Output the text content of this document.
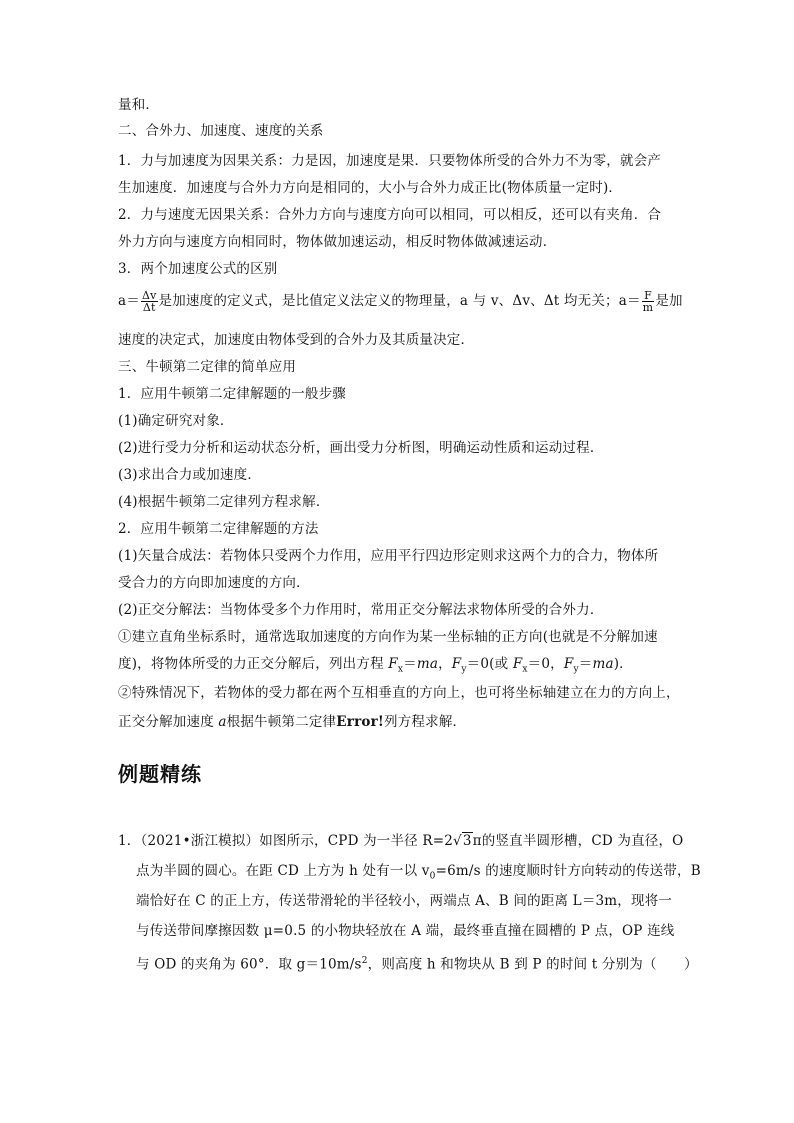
量和．
二、合外力、加速度、速度的关系
1．力与加速度为因果关系：力是因，加速度是果．只要物体所受的合外力不为零，就会产
生加速度．加速度与合外力方向是相同的，大小与合外力成正比(物体质量一定时)．
2．力与速度无因果关系：合外力方向与速度方向可以相同，可以相反，还可以有夹角．合
外力方向与速度方向相同时，物体做加速运动，相反时物体做减速运动．
3．两个加速度公式的区别
$a= \frac{\Delta v}{\Delta t}$ 是加速度的定义式，是比值定义法定义的物理量，a 与 v、Δv、Δt 均无关；$a= \frac{F}{m}$ 是加
速度的决定式，加速度由物体受到的合外力及其质量决定．
三、牛顿第二定律的简单应用
1．应用牛顿第二定律解题的一般步骤
(1)确定研究对象．
(2)进行受力分析和运动状态分析，画出受力分析图，明确运动性质和运动过程．
(3)求出合力或加速度．
(4)根据牛顿第二定律列方程求解．
2．应用牛顿第二定律解题的方法
(1)矢量合成法：若物体只受两个力作用，应用平行四边形定则求这两个力的合力，物体所
受合力的方向即加速度的方向．
(2)正交分解法：当物体受多个力作用时，常用正交分解法求物体所受的合外力．
①建立直角坐标系时，通常选取加速度的方向作为某一坐标轴的正方向(也就是不分解加速
度)，将物体所受的力正交分解后，列出方程 $F_x=ma$，$F_y=0$(或 $F_x=0$，$F_y=ma$)．
②特殊情况下，若物体的受力都在两个互相垂直的方向上，也可将坐标轴建立在力的方向上，
正交分解加速度 a根据牛顿第二定律Error!列方程求解．
例题精练
1．（2021•浙江模拟）如图所示，CPD 为一半径 R=2√3π的竖直半圆形槽，CD 为直径，O
点为半圆的圆心。在距 CD 上方为 h 处有一以 $v_0=6m/s$ 的速度顺时针方向转动的传送带，B
端恰好在 C 的正上方，传送带滑轮的半径较小，两端点 A、B 间的距离 L＝3m，现将一
与传送带间摩擦因数 μ=0.5 的小物块轻放在 A 端，最终垂直撞在圆槽的 P 点，OP 连线
与 OD 的夹角为 60°．取 $g=10m/s^2$，则高度 h 和物块从 B 到 P 的时间 t 分别为（　　）
